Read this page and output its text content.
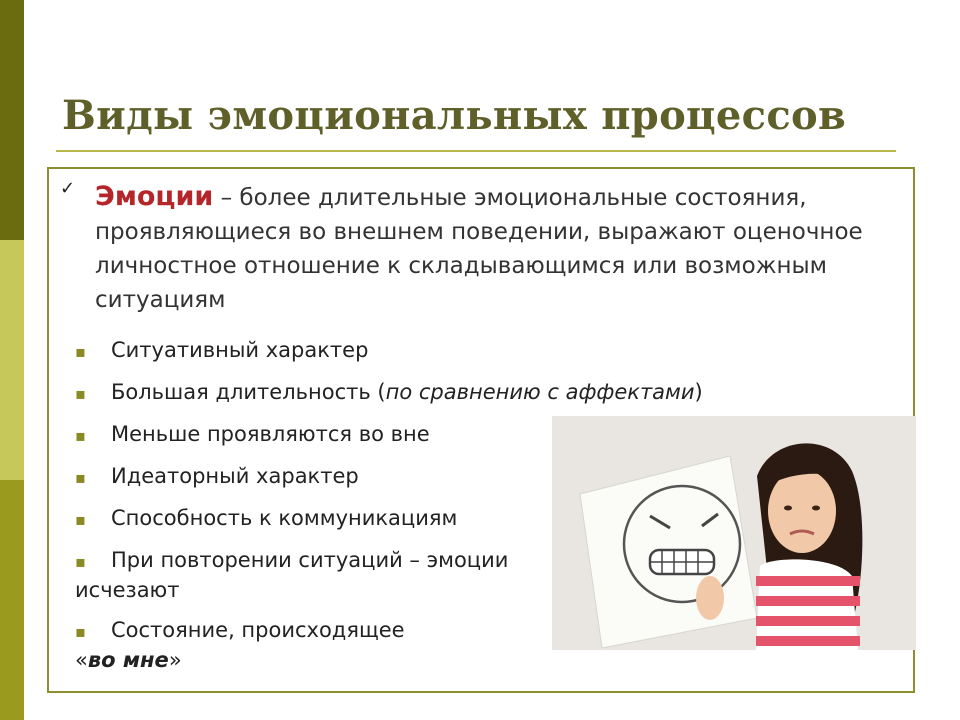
Виды эмоциональных процессов
✓ Эмоции – более длительные эмоциональные состояния, проявляющиеся во внешнем поведении, выражают оценочное личностное отношение к складывающимся или возможным ситуациям
▪ Ситуативный характер
▪ Большая длительность (по сравнению с аффектами)
▪ Меньше проявляются во вне
▪ Идеаторный характер
▪ Способность к коммуникациям
▪ При повторении ситуаций – эмоции исчезают
▪ Состояние, происходящее
«во мне»
